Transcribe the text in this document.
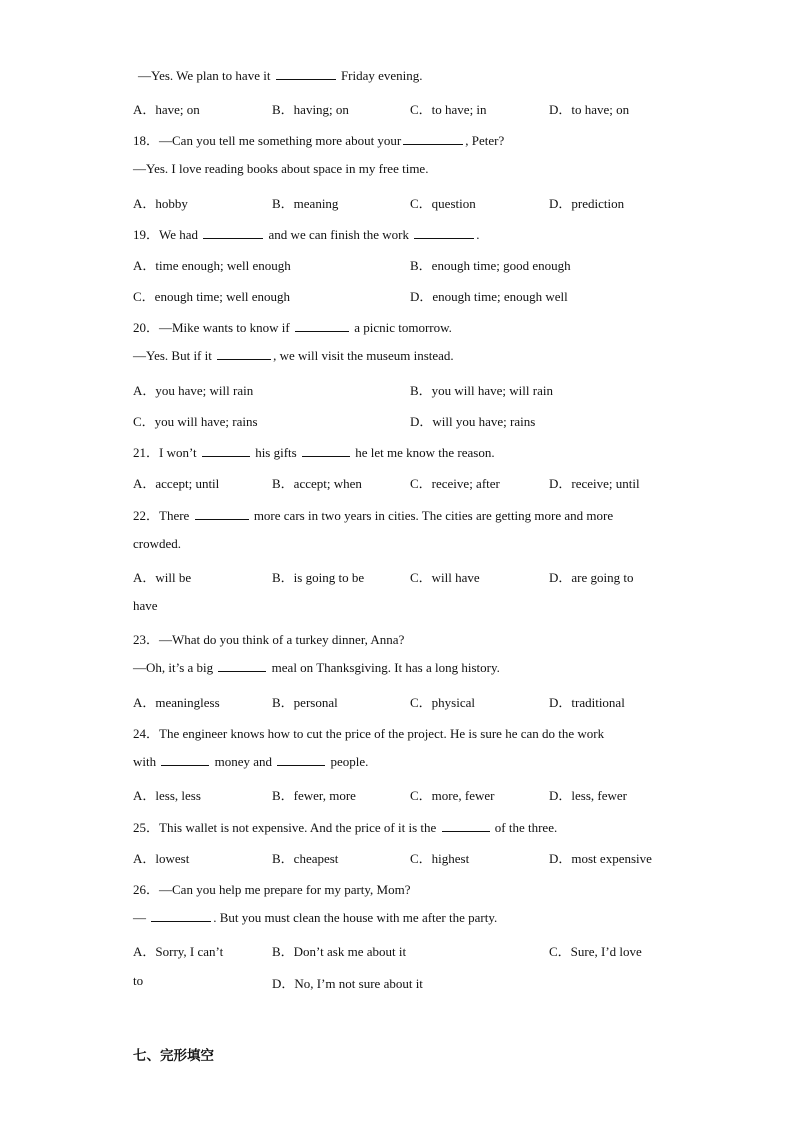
—Yes. We plan to have it	Friday evening.
A．have; on	B．having; on	C．to have; in	D．to have; on
18．—Can you tell me something more about your	, Peter?
—Yes. I love reading books about space in my free time.
A．hobby	B．meaning	C．question	D．prediction
19．We had	and we can finish the work	.
A．time enough; well enough	B．enough time; good enough
C．enough time; well enough	D．enough time; enough well
20．—Mike wants to know if	a picnic tomorrow.
—Yes. But if it	, we will visit the museum instead.
A．you have; will rain	B．you will have; will rain
C．you will have; rains	D．will you have; rains
21．I won’t	his gifts	he let me know the reason.
A．accept; until	B．accept; when	C．receive; after	D．receive; until
22．There	more cars in two years in cities. The cities are getting more and more
crowded.
A．will be	B．is going to be	C．will have	D．are going to
have
23．—What do you think of a turkey dinner, Anna?
—Oh, it’s a big	meal on Thanksgiving. It has a long history.
A．meaningless	B．personal	C．physical	D．traditional
24．The engineer knows how to cut the price of the project. He is sure he can do the work
with	money and	people.
A．less, less	B．fewer, more	C．more, fewer	D．less, fewer
25．This wallet is not expensive. And the price of it is the	of the three.
A．lowest	B．cheapest	C．highest	D．most expensive
26．—Can you help me prepare for my party, Mom?
—	. But you must clean the house with me after the party.
A．Sorry, I can’t	B．Don’t ask me about it	C．Sure, I’d love
to	D．No, I’m not sure about it
七、完形填空
